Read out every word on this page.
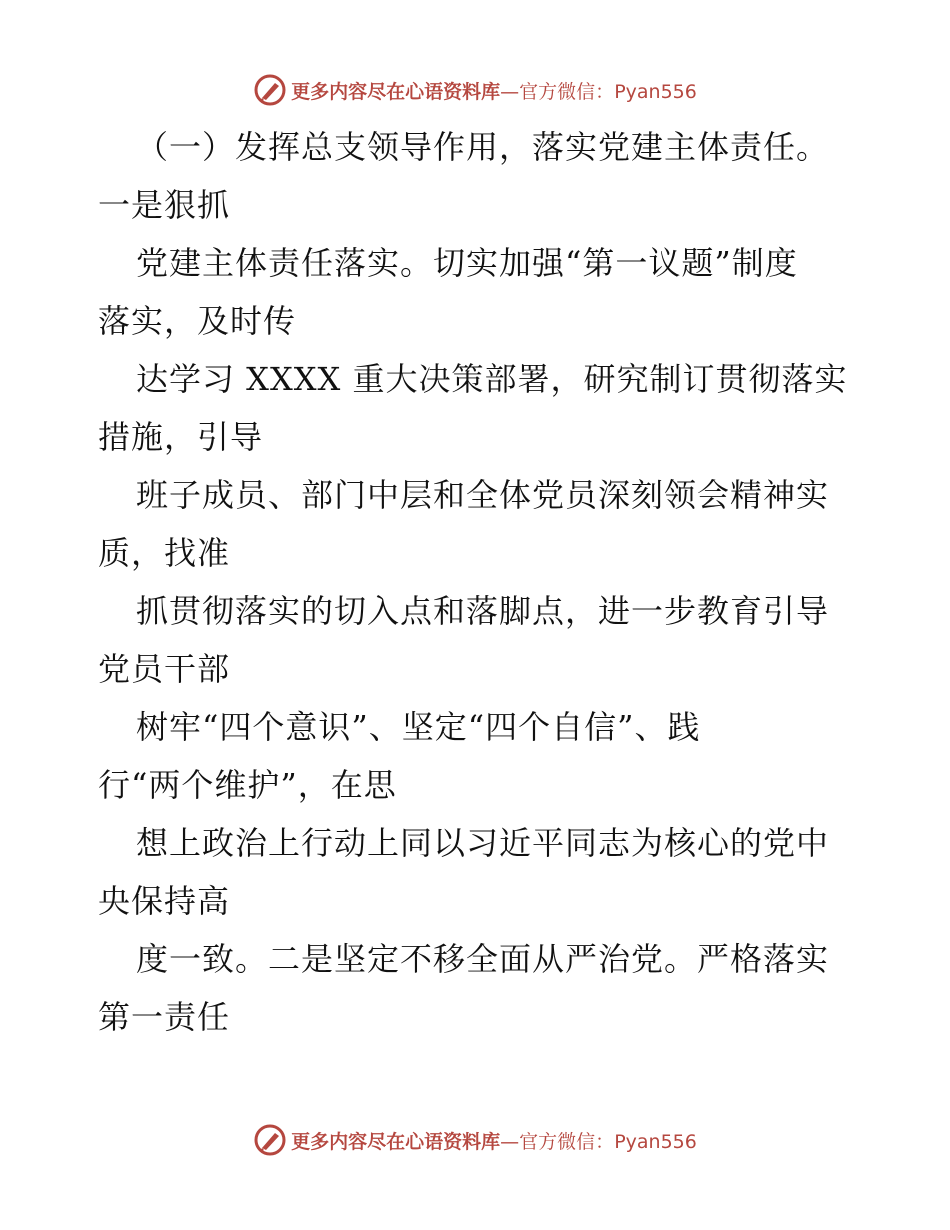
更多内容尽在心语资料库—官方微信：Pyan556
（一）发挥总支领导作用，落实党建主体责任。
一是狠抓
党建主体责任落实。切实加强“第一议题”制度
落实，及时传
达学习 XXXX 重大决策部署，研究制订贯彻落实
措施，引导
班子成员、部门中层和全体党员深刻领会精神实
质，找准
抓贯彻落实的切入点和落脚点，进一步教育引导
党员干部
树牢“四个意识”、坚定“四个自信”、践
行“两个维护”，在思
想上政治上行动上同以习近平同志为核心的党中
央保持高
度一致。二是坚定不移全面从严治党。严格落实
第一责任
更多内容尽在心语资料库—官方微信：Pyan556
